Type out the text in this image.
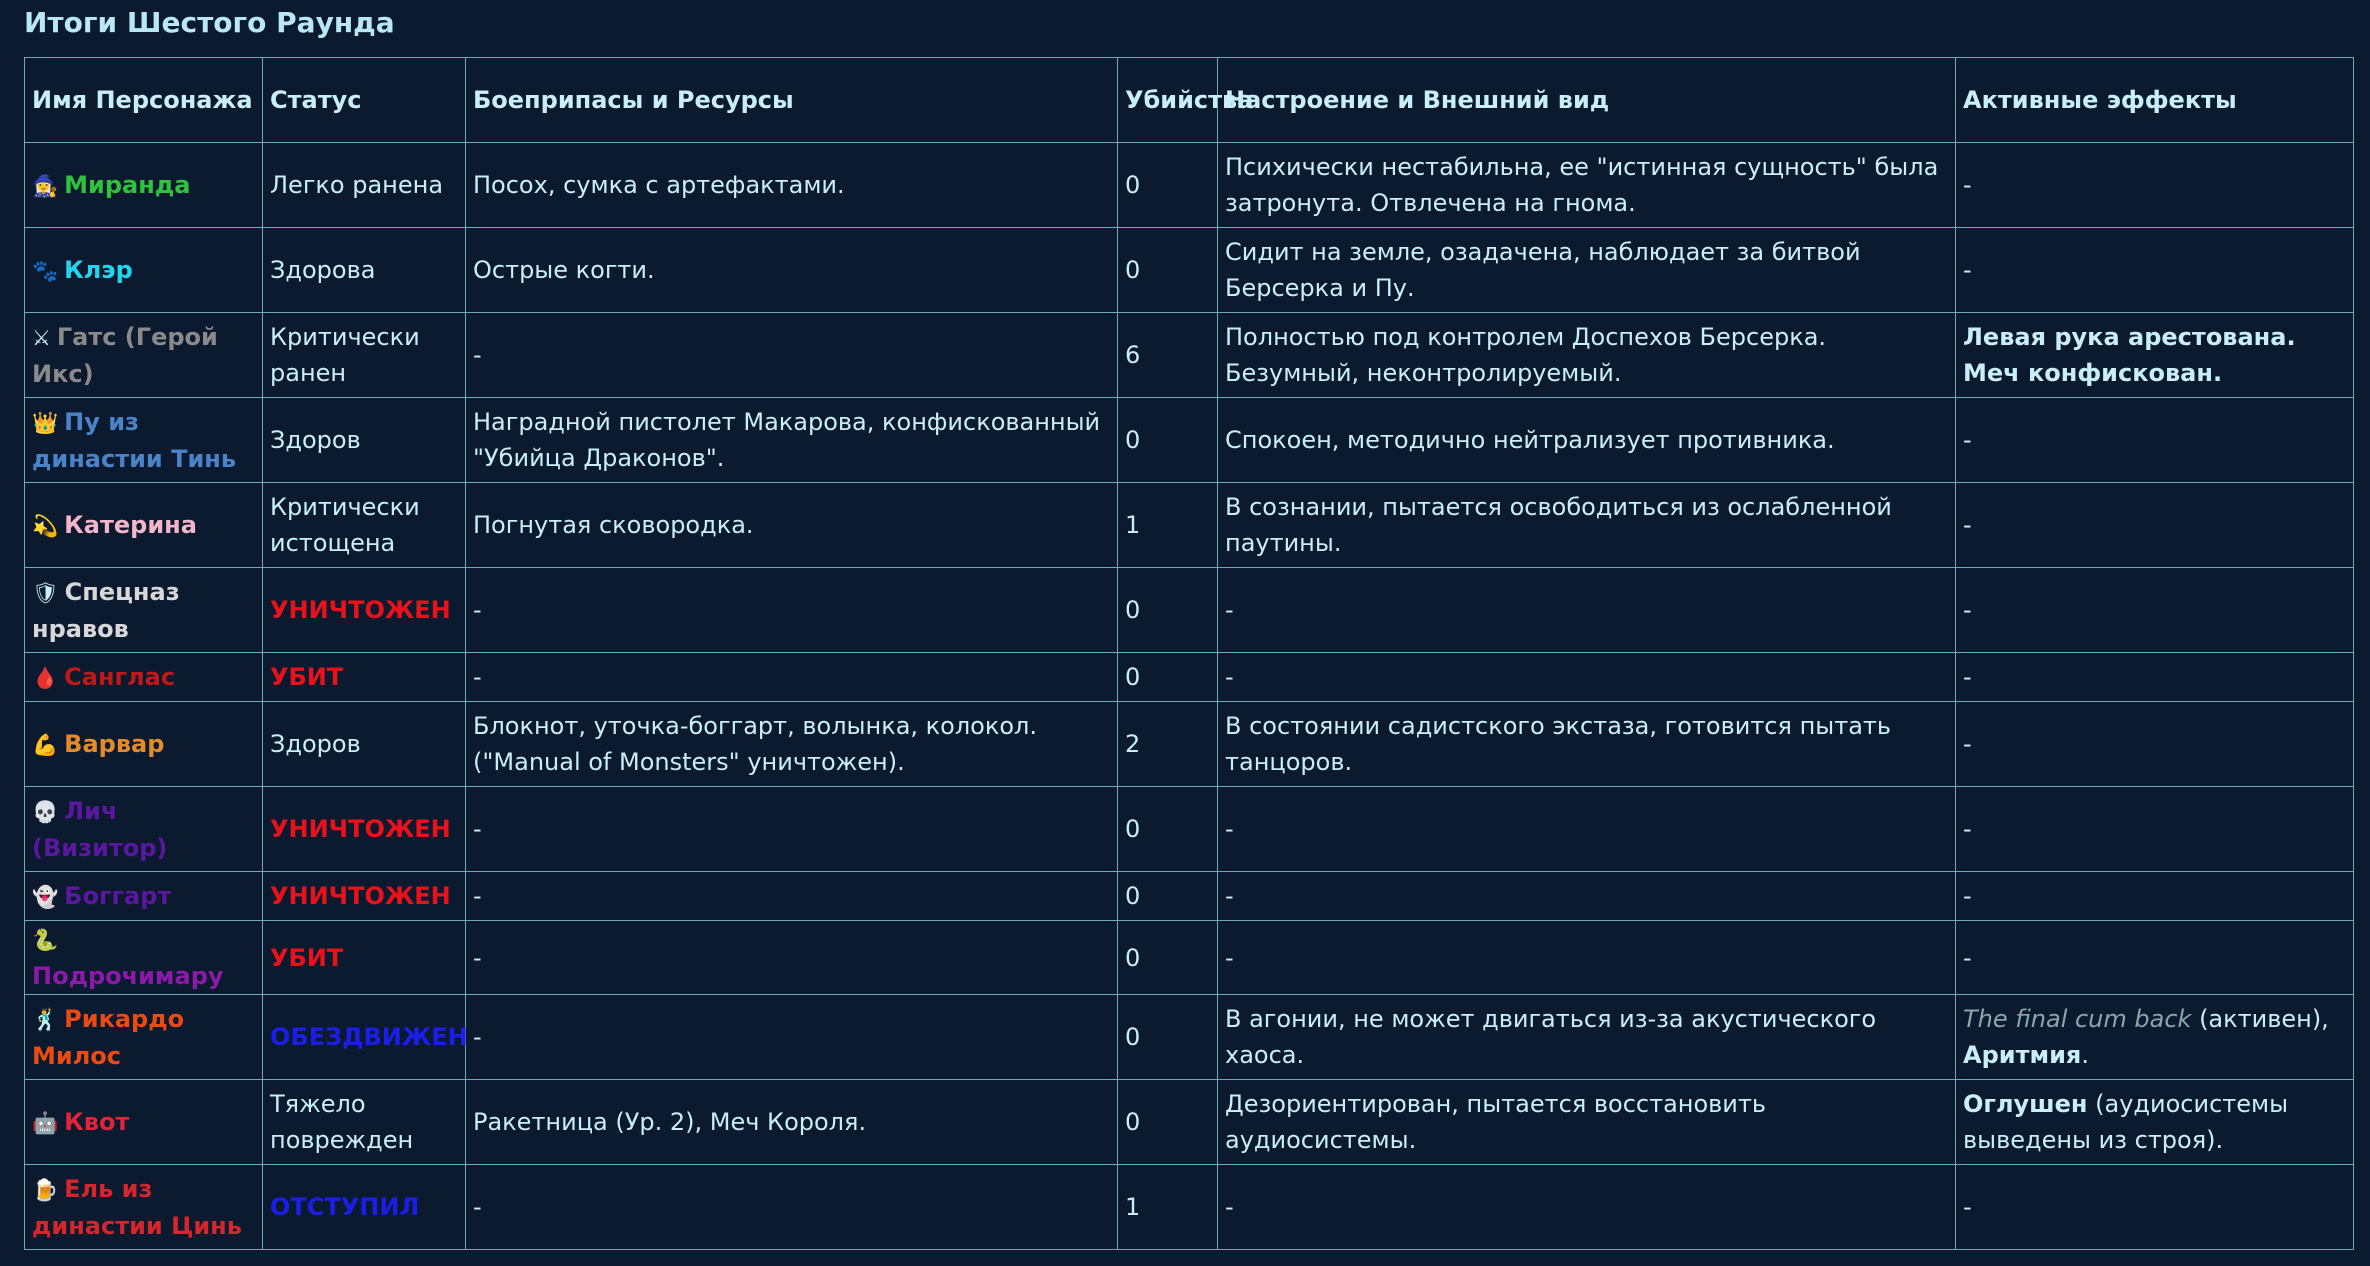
Итоги Шестого Раунда
Имя Персонажа	Статус	Боеприпасы и Ресурсы	Убийства	Настроение и Внешний вид	Активные эффекты
🧙‍♀️ Миранда	Легко ранена	Посох, сумка с артефактами.	0	Психически нестабильна, ее "истинная сущность" была затронута. Отвлечена на гнома.	-
🐾 Клэр	Здорова	Острые когти.	0	Сидит на земле, озадачена, наблюдает за битвой Берсерка и Пу.	-
⚔ Гатс (Герой Икс)	Критически ранен	-	6	Полностью под контролем Доспехов Берсерка. Безумный, неконтролируемый.	Левая рука арестована. Меч конфискован.
👑 Пу из династии Тинь	Здоров	Наградной пистолет Макарова, конфискованный "Убийца Драконов".	0	Спокоен, методично нейтрализует противника.	-
💫 Катерина	Критически истощена	Погнутая сковородка.	1	В сознании, пытается освободиться из ослабленной паутины.	-
🛡 Спецназ нравов	УНИЧТОЖЕН	-	0	-	-
🩸 Санглас	УБИТ	-	0	-	-
💪 Варвар	Здоров	Блокнот, уточка-боггарт, волынка, колокол. ("Manual of Monsters" уничтожен).	2	В состоянии садистского экстаза, готовится пытать танцоров.	-
💀 Лич (Визитор)	УНИЧТОЖЕН	-	0	-	-
👻 Боггарт	УНИЧТОЖЕН	-	0	-	-
🐍Подрочимару	УБИТ	-	0	-	-
🕺 Рикардо Милос	ОБЕЗДВИЖЕН	-	0	В агонии, не может двигаться из-за акустического хаоса.	The final cum back (активен), Аритмия.
🤖 Квот	Тяжело поврежден	Ракетница (Ур. 2), Меч Короля.	0	Дезориентирован, пытается восстановить аудиосистемы.	Оглушен (аудиосистемы выведены из строя).
🍺 Ель из династии Цинь	ОТСТУПИЛ	-	1	-	-
